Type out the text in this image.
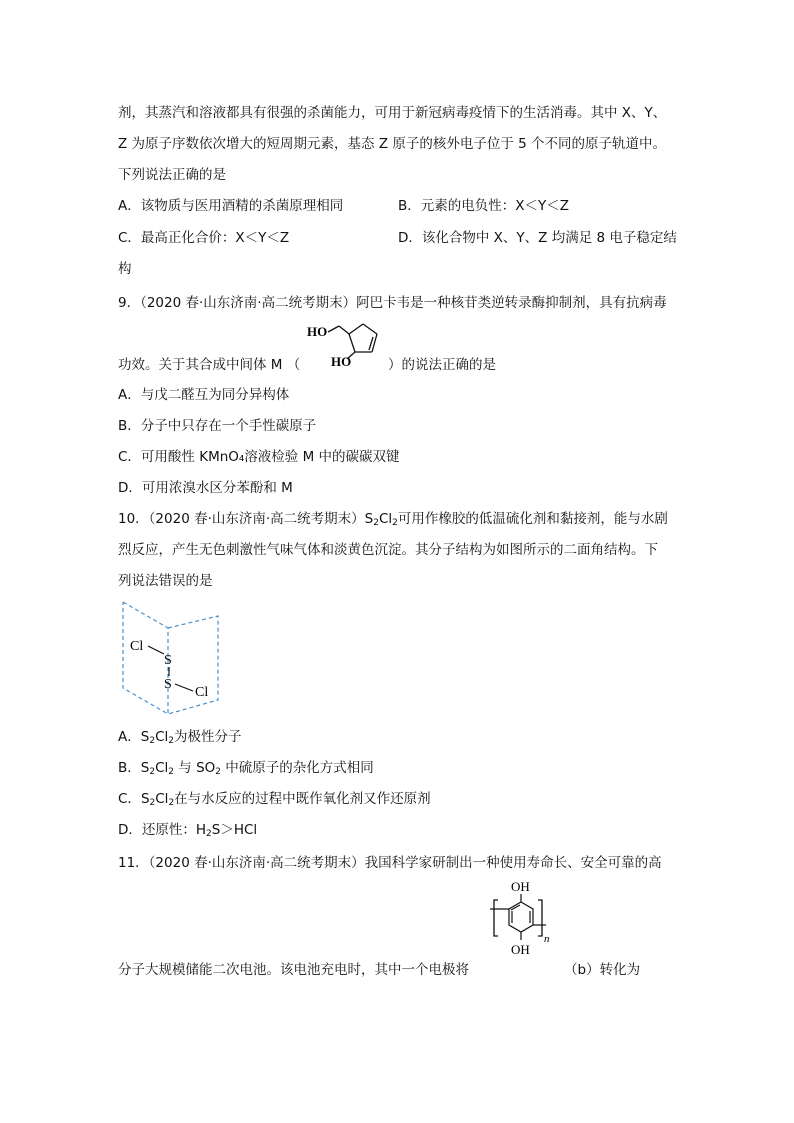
剂，其蒸汽和溶液都具有很强的杀菌能力，可用于新冠病毒疫情下的生活消毒。其中 X、Y、
Z 为原子序数依次增大的短周期元素，基态 Z 原子的核外电子位于 5 个不同的原子轨道中。
下列说法正确的是
A．该物质与医用酒精的杀菌原理相同	B．元素的电负性：X＜Y＜Z
C．最高正化合价：X＜Y＜Z	D．该化合物中 X、Y、Z 均满足 8 电子稳定结
构
9．（2020 春·山东济南·高二统考期末）阿巴卡韦是一种核苷类逆转录酶抑制剂，具有抗病毒
功效。关于其合成中间体 M （	）的说法正确的是
HO
HO
A．与戊二醛互为同分异构体
B．分子中只存在一个手性碳原子
C．可用酸性 KMnO₄溶液检验 M 中的碳碳双键
D．可用浓溴水区分苯酚和 M
10．（2020 春·山东济南·高二统考期末）$S_2Cl_2$可用作橡胶的低温硫化剂和黏接剂，能与水剧
烈反应，产生无色刺激性气味气体和淡黄色沉淀。其分子结构为如图所示的二面角结构。下
列说法错误的是
Cl
S
S
Cl
A．$S_2Cl_2$为极性分子
B．$S_2Cl_2$ 与 $SO_2$ 中硫原子的杂化方式相同
C．$S_2Cl_2$在与水反应的过程中既作氧化剂又作还原剂
D．还原性：$H_2S>HCl$
11．（2020 春·山东济南·高二统考期末）我国科学家研制出一种使用寿命长、安全可靠的高
分子大规模储能二次电池。该电池充电时，其中一个电极将	（b）转化为
OH
OH
n
